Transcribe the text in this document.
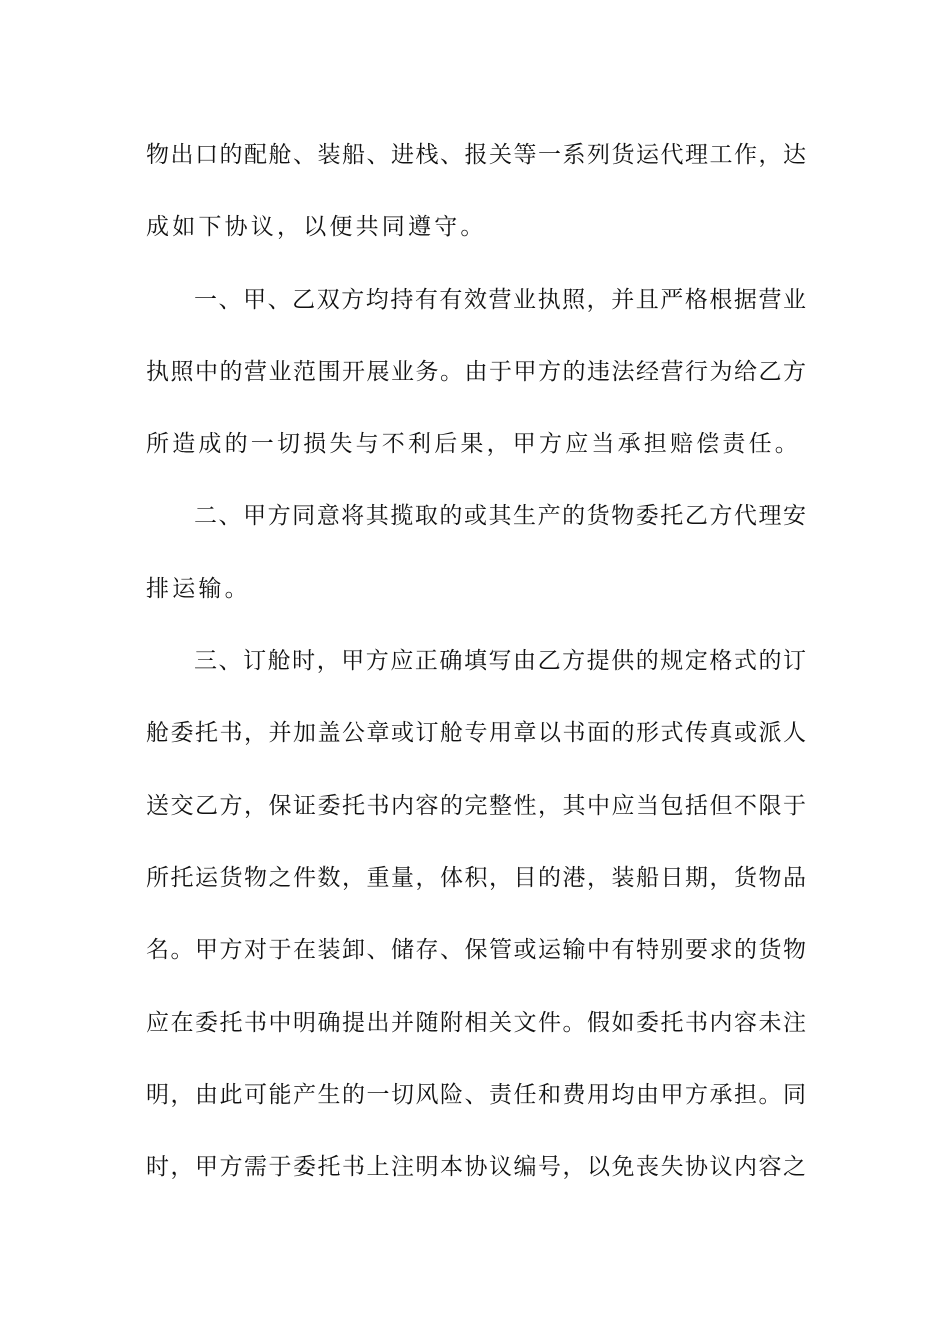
物出口的配舱、装船、进栈、报关等一系列货运代理工作，达
成如下协议，以便共同遵守。
一、甲、乙双方均持有有效营业执照，并且严格根据营业
执照中的营业范围开展业务。由于甲方的违法经营行为给乙方
所造成的一切损失与不利后果，甲方应当承担赔偿责任。
二、甲方同意将其揽取的或其生产的货物委托乙方代理安
排运输。
三、订舱时，甲方应正确填写由乙方提供的规定格式的订
舱委托书，并加盖公章或订舱专用章以书面的形式传真或派人
送交乙方，保证委托书内容的完整性，其中应当包括但不限于
所托运货物之件数，重量，体积，目的港，装船日期，货物品
名。甲方对于在装卸、储存、保管或运输中有特别要求的货物
应在委托书中明确提出并随附相关文件。假如委托书内容未注
明，由此可能产生的一切风险、责任和费用均由甲方承担。同
时，甲方需于委托书上注明本协议编号，以免丧失协议内容之
